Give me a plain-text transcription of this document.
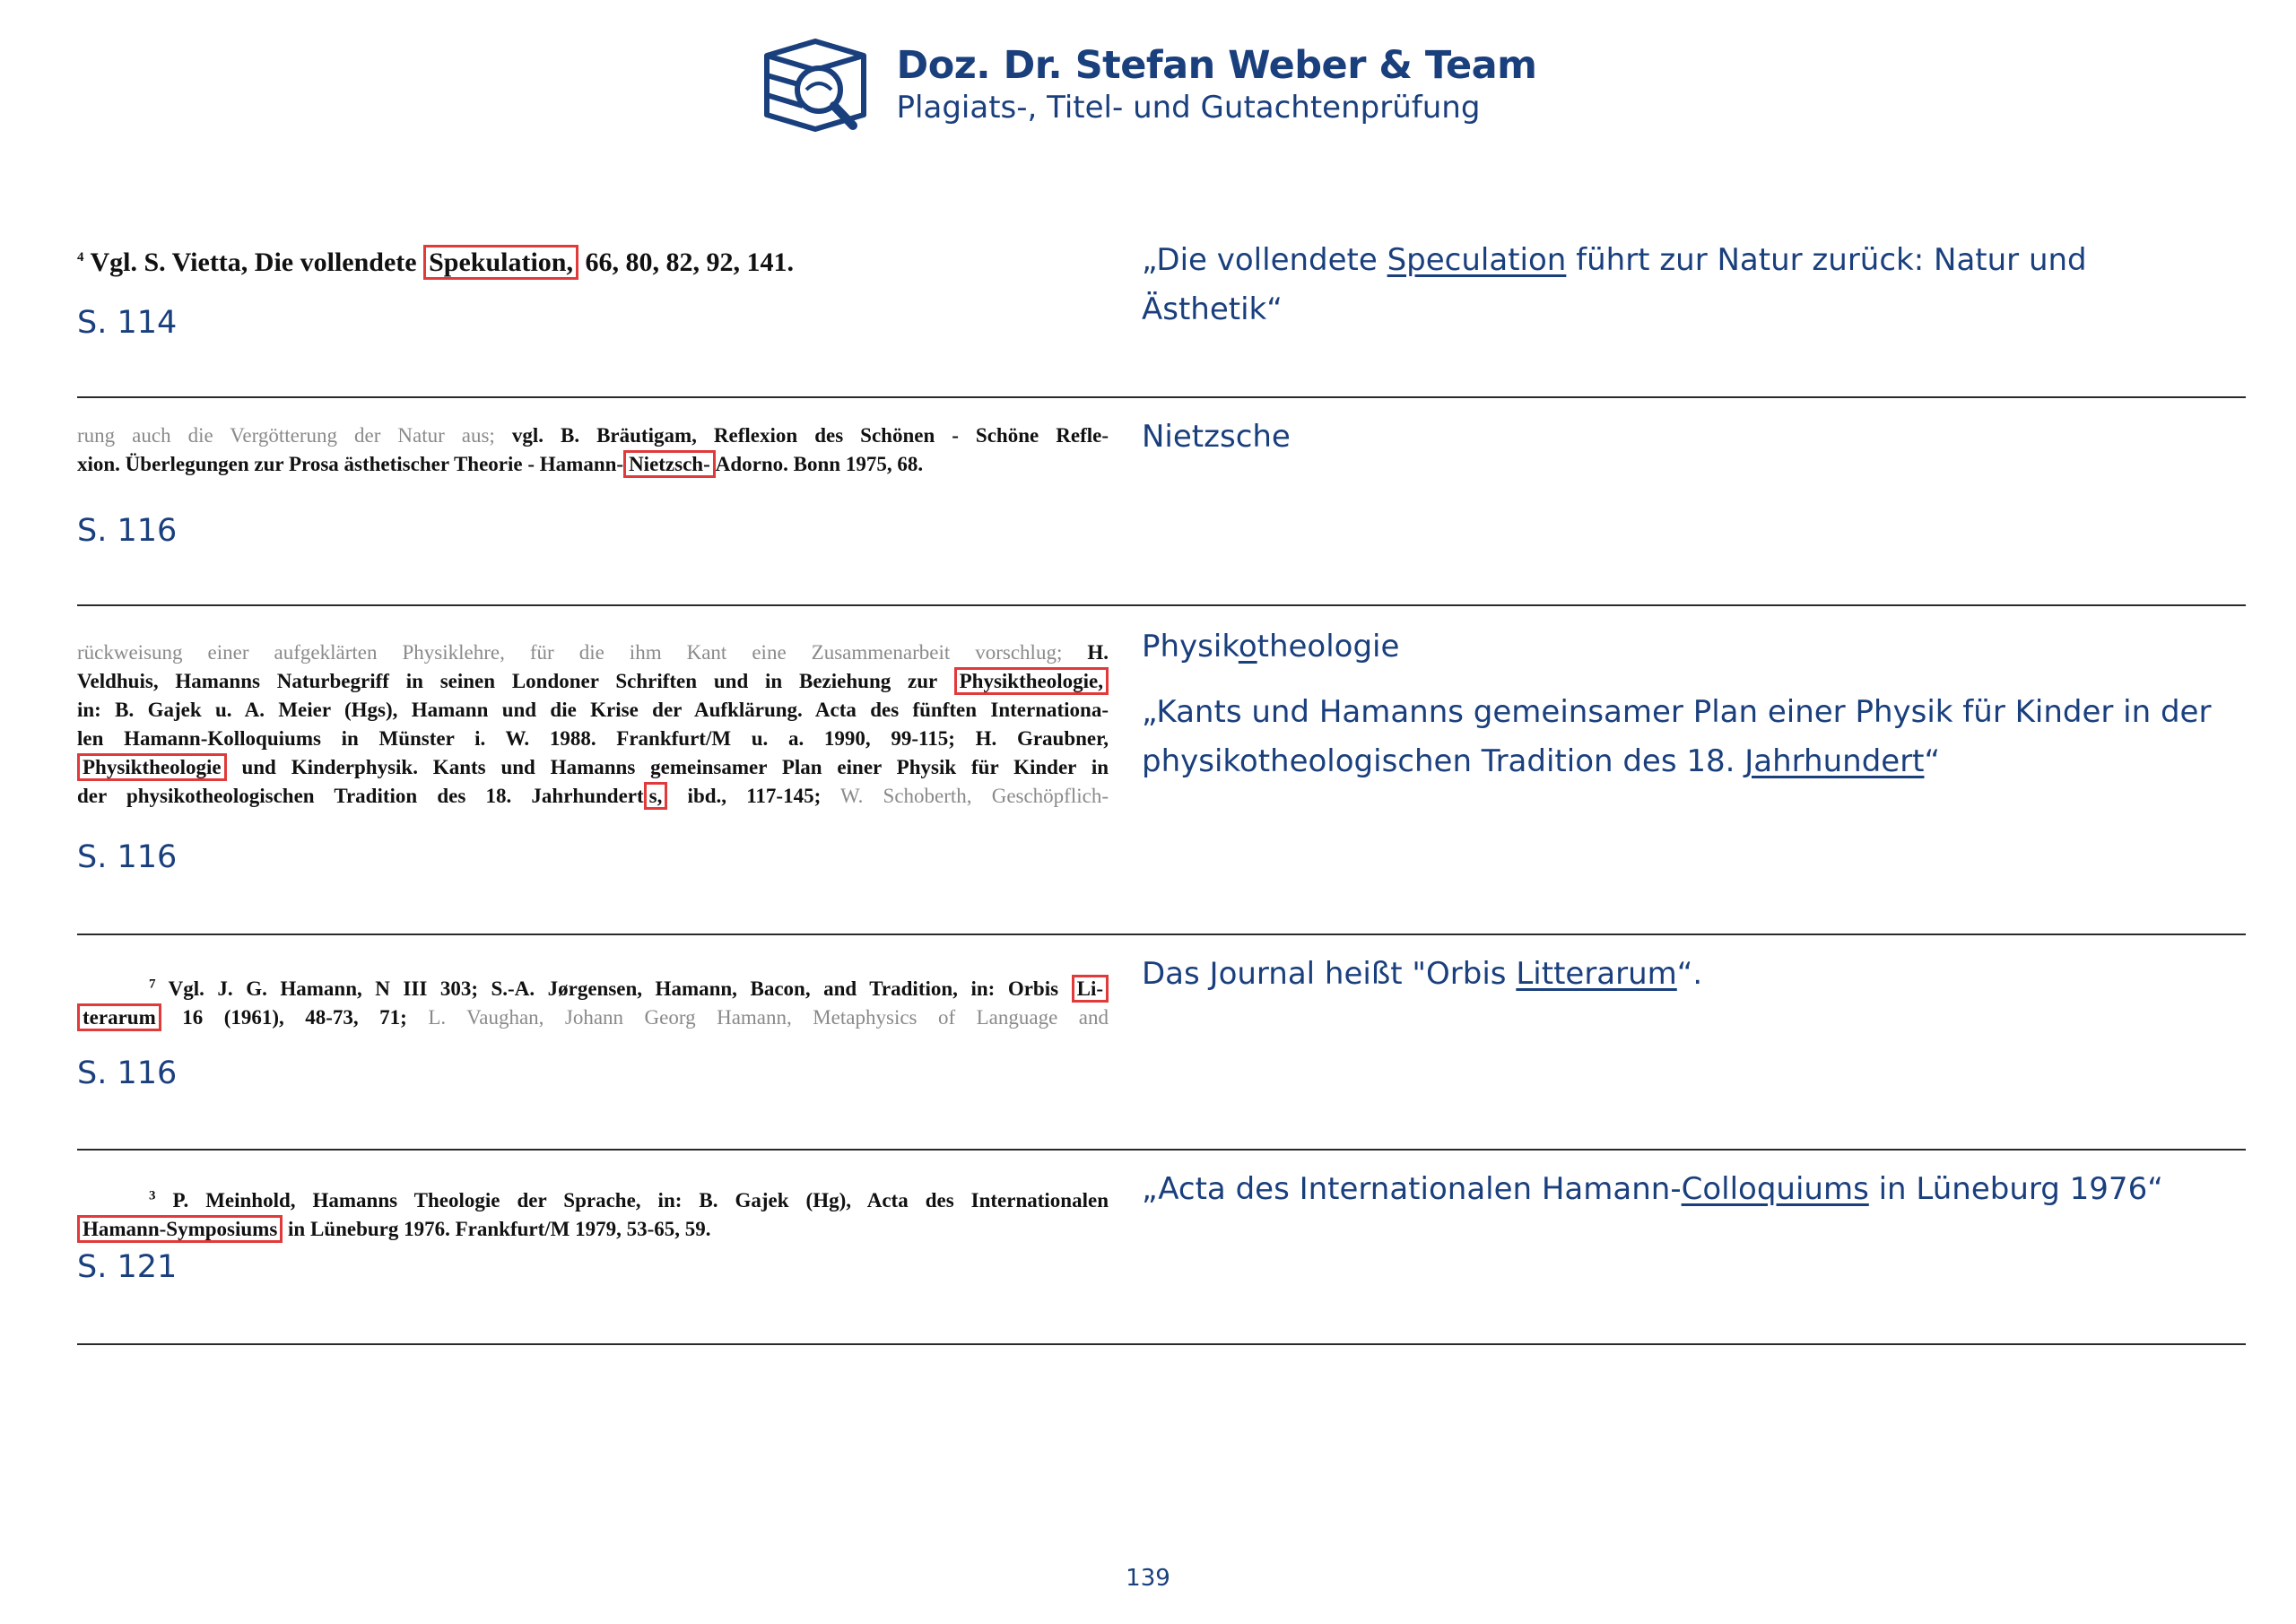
Doz. Dr. Stefan Weber & Team
Plagiats-, Titel- und Gutachtenprüfung
$^4$ Vgl. S. Vietta, Die vollendete Spekulation, 66, 80, 82, 92, 141.
S. 114
„Die vollendete Speculation führt zur Natur zurück: Natur und Ästhetik“
rung auch die Vergötterung der Natur aus; vgl. B. Bräutigam, Reflexion des Schönen - Schöne Refle-
xion. Überlegungen zur Prosa ästhetischer Theorie - Hamann- Nietzsch- Adorno. Bonn 1975, 68.
S. 116
Nietzsche
rückweisung einer aufgeklärten Physiklehre, für die ihm Kant eine Zusammenarbeit vorschlug; H.
Veldhuis, Hamanns Naturbegriff in seinen Londoner Schriften und in Beziehung zur Physiktheologie,
in: B. Gajek u. A. Meier (Hgs), Hamann und die Krise der Aufklärung. Acta des fünften Internationa-
len Hamann-Kolloquiums in Münster i. W. 1988. Frankfurt/M u. a. 1990, 99-115; H. Graubner,
Physiktheologie und Kinderphysik. Kants und Hamanns gemeinsamer Plan einer Physik für Kinder in
der physikotheologischen Tradition des 18. Jahrhundert s, ibd., 117-145; W. Schoberth, Geschöpflich-
S. 116

Physikotheologie

„Kants und Hamanns gemeinsamer Plan einer Physik für Kinder in der physikotheologischen Tradition des 18. Jahrhundert“

$^7$ Vgl. J. G. Hamann, N III 303; S.-A. Jørgensen, Hamann, Bacon, and Tradition, in: Orbis Li-
terarum 16 (1961), 48-73, 71; L. Vaughan, Johann Georg Hamann, Metaphysics of Language and
S. 116
Das Journal heißt "Orbis Litterarum“.
$^3$ P. Meinhold, Hamanns Theologie der Sprache, in: B. Gajek (Hg), Acta des Internationalen
Hamann-Symposiums in Lüneburg 1976. Frankfurt/M 1979, 53-65, 59.
S. 121
„Acta des Internationalen Hamann-Colloquiums in Lüneburg 1976“
139
